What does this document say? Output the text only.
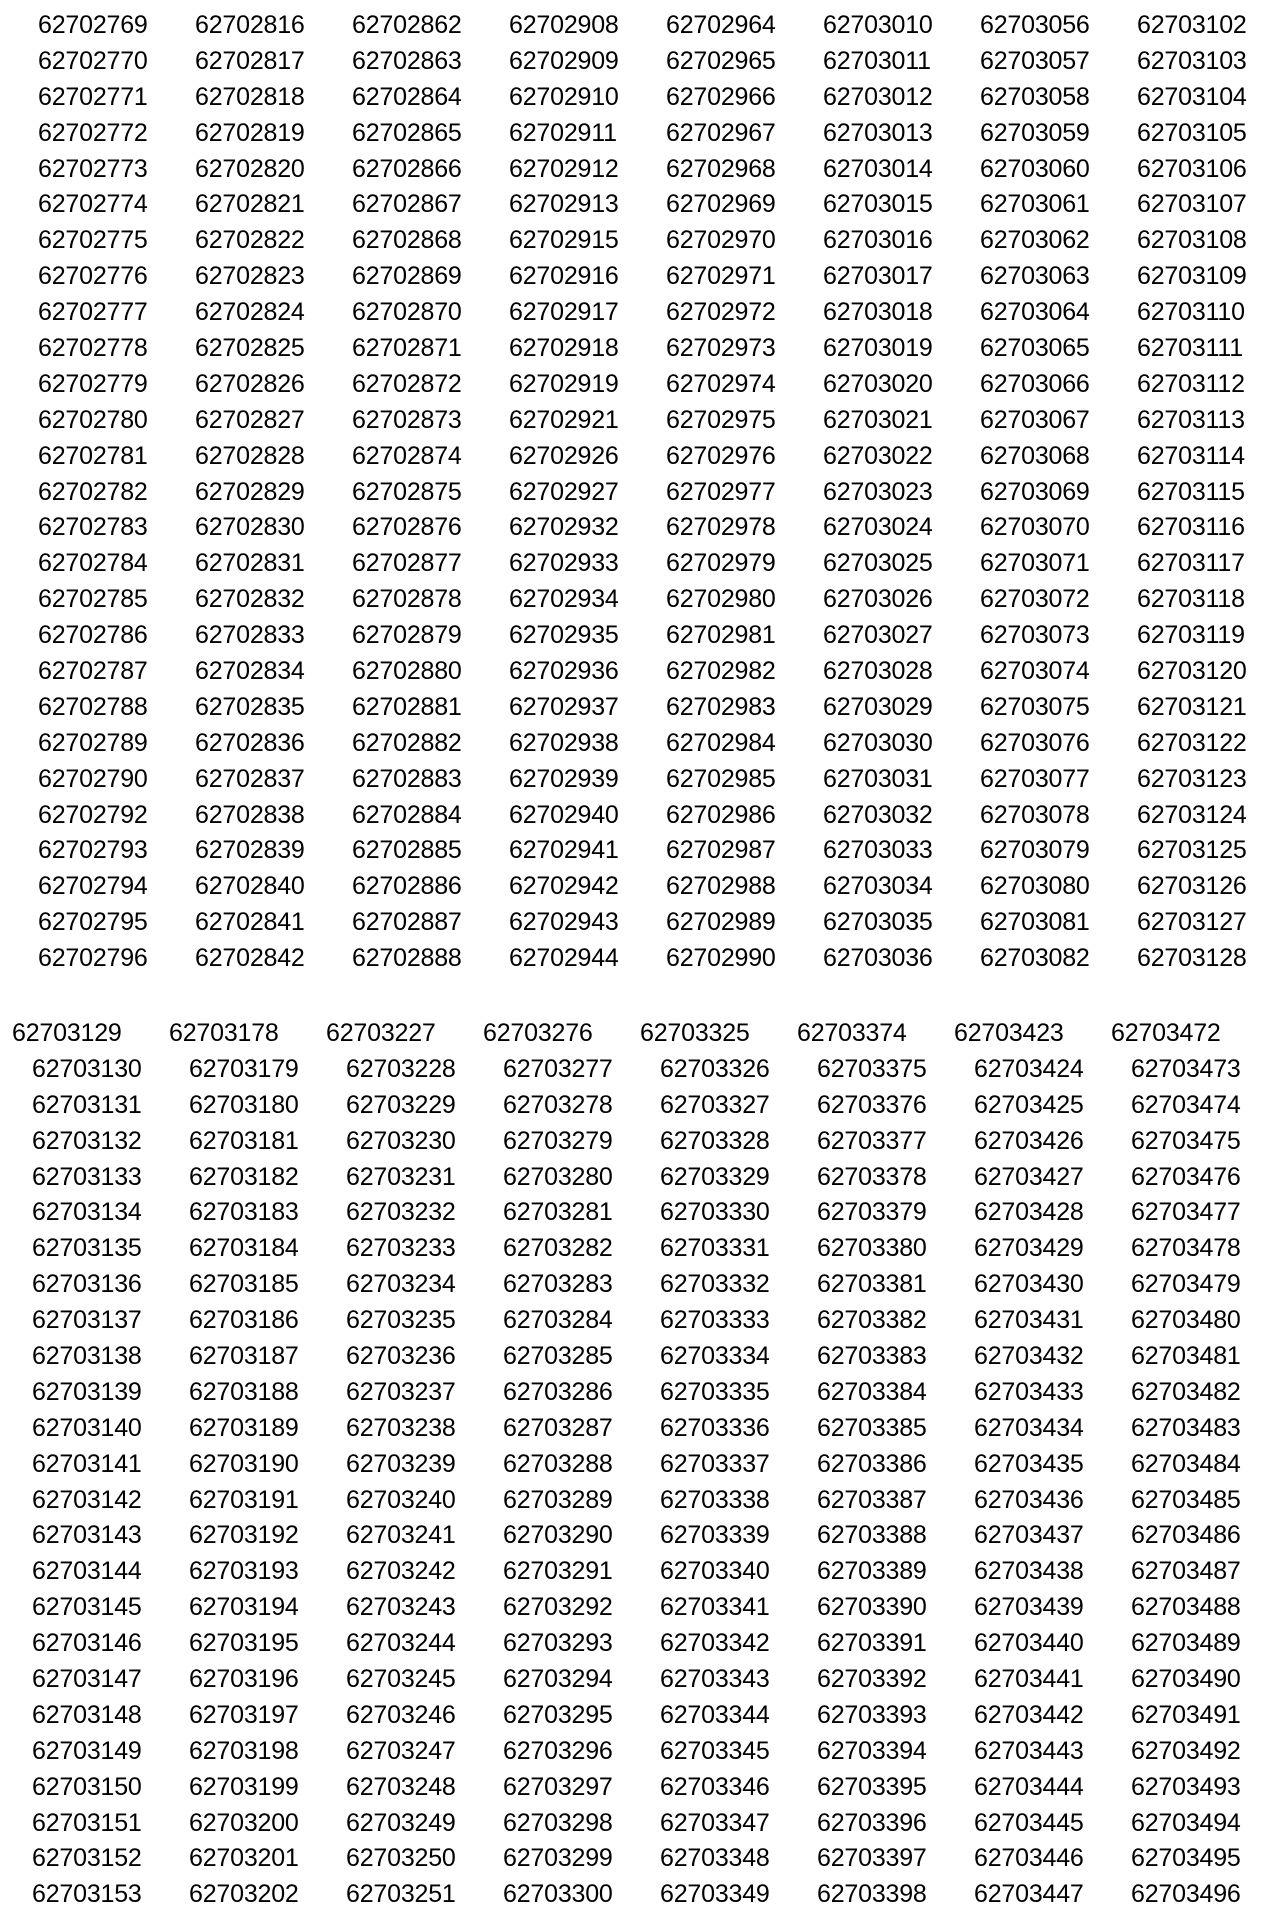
62702769 62702816 62702862 62702908 62702964 62703010 62703056 62703102
62702770 62702817 62702863 62702909 62702965 62703011 62703057 62703103
62702771 62702818 62702864 62702910 62702966 62703012 62703058 62703104
62702772 62702819 62702865 62702911 62702967 62703013 62703059 62703105
62702773 62702820 62702866 62702912 62702968 62703014 62703060 62703106
62702774 62702821 62702867 62702913 62702969 62703015 62703061 62703107
62702775 62702822 62702868 62702915 62702970 62703016 62703062 62703108
62702776 62702823 62702869 62702916 62702971 62703017 62703063 62703109
62702777 62702824 62702870 62702917 62702972 62703018 62703064 62703110
62702778 62702825 62702871 62702918 62702973 62703019 62703065 62703111
62702779 62702826 62702872 62702919 62702974 62703020 62703066 62703112
62702780 62702827 62702873 62702921 62702975 62703021 62703067 62703113
62702781 62702828 62702874 62702926 62702976 62703022 62703068 62703114
62702782 62702829 62702875 62702927 62702977 62703023 62703069 62703115
62702783 62702830 62702876 62702932 62702978 62703024 62703070 62703116
62702784 62702831 62702877 62702933 62702979 62703025 62703071 62703117
62702785 62702832 62702878 62702934 62702980 62703026 62703072 62703118
62702786 62702833 62702879 62702935 62702981 62703027 62703073 62703119
62702787 62702834 62702880 62702936 62702982 62703028 62703074 62703120
62702788 62702835 62702881 62702937 62702983 62703029 62703075 62703121
62702789 62702836 62702882 62702938 62702984 62703030 62703076 62703122
62702790 62702837 62702883 62702939 62702985 62703031 62703077 62703123
62702792 62702838 62702884 62702940 62702986 62703032 62703078 62703124
62702793 62702839 62702885 62702941 62702987 62703033 62703079 62703125
62702794 62702840 62702886 62702942 62702988 62703034 62703080 62703126
62702795 62702841 62702887 62702943 62702989 62703035 62703081 62703127
62702796 62702842 62702888 62702944 62702990 62703036 62703082 62703128
62703129 62703178 62703227 62703276 62703325 62703374 62703423 62703472
62703130 62703179 62703228 62703277 62703326 62703375 62703424 62703473
62703131 62703180 62703229 62703278 62703327 62703376 62703425 62703474
62703132 62703181 62703230 62703279 62703328 62703377 62703426 62703475
62703133 62703182 62703231 62703280 62703329 62703378 62703427 62703476
62703134 62703183 62703232 62703281 62703330 62703379 62703428 62703477
62703135 62703184 62703233 62703282 62703331 62703380 62703429 62703478
62703136 62703185 62703234 62703283 62703332 62703381 62703430 62703479
62703137 62703186 62703235 62703284 62703333 62703382 62703431 62703480
62703138 62703187 62703236 62703285 62703334 62703383 62703432 62703481
62703139 62703188 62703237 62703286 62703335 62703384 62703433 62703482
62703140 62703189 62703238 62703287 62703336 62703385 62703434 62703483
62703141 62703190 62703239 62703288 62703337 62703386 62703435 62703484
62703142 62703191 62703240 62703289 62703338 62703387 62703436 62703485
62703143 62703192 62703241 62703290 62703339 62703388 62703437 62703486
62703144 62703193 62703242 62703291 62703340 62703389 62703438 62703487
62703145 62703194 62703243 62703292 62703341 62703390 62703439 62703488
62703146 62703195 62703244 62703293 62703342 62703391 62703440 62703489
62703147 62703196 62703245 62703294 62703343 62703392 62703441 62703490
62703148 62703197 62703246 62703295 62703344 62703393 62703442 62703491
62703149 62703198 62703247 62703296 62703345 62703394 62703443 62703492
62703150 62703199 62703248 62703297 62703346 62703395 62703444 62703493
62703151 62703200 62703249 62703298 62703347 62703396 62703445 62703494
62703152 62703201 62703250 62703299 62703348 62703397 62703446 62703495
62703153 62703202 62703251 62703300 62703349 62703398 62703447 62703496
